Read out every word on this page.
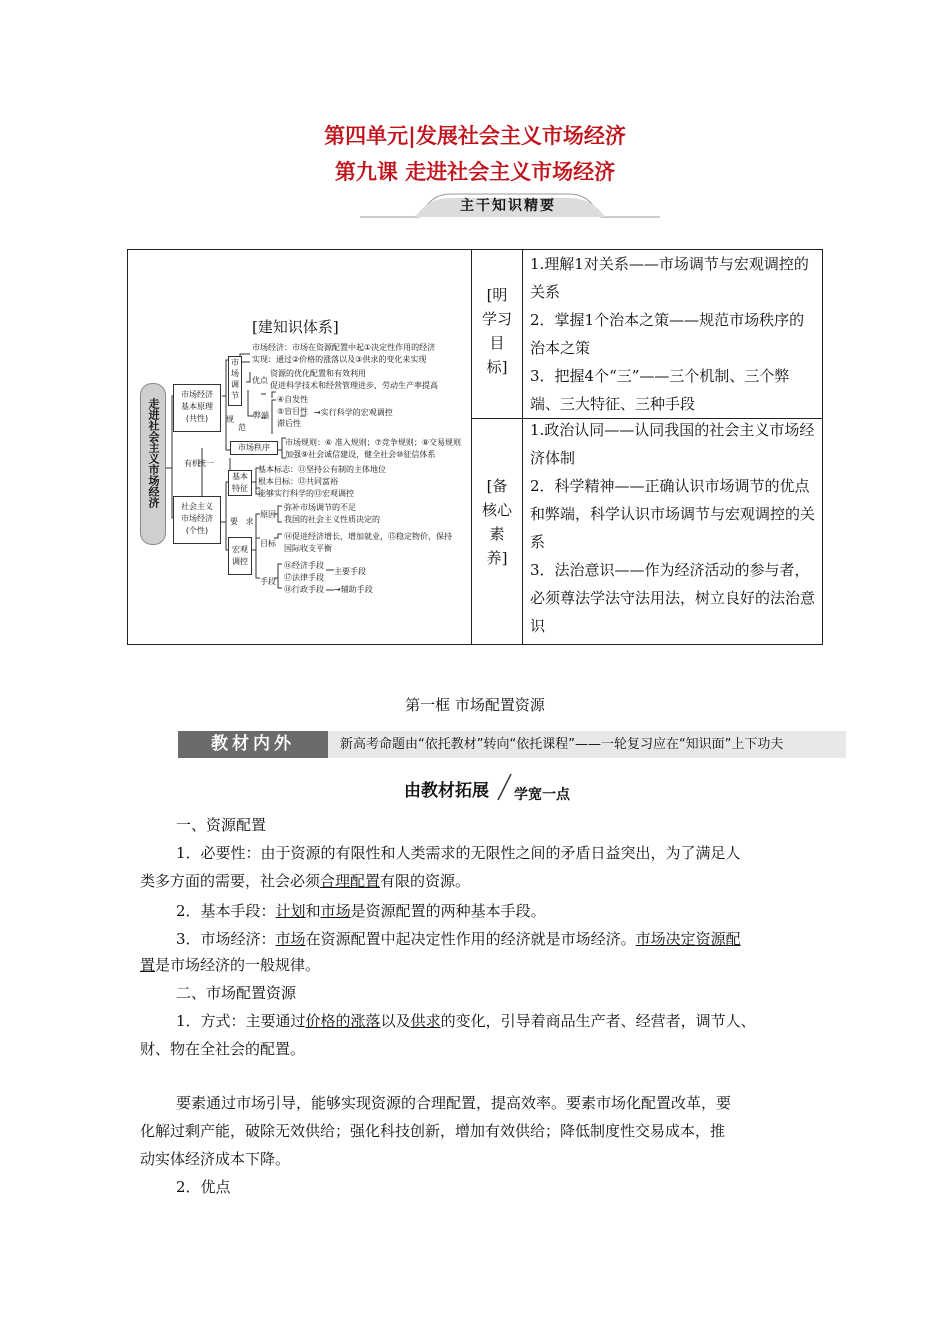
第四单元|发展社会主义市场经济
第九课 走进社会主义市场经济
主干知识精要
[明
学习
目
标]
[备
核心
素
养]
1.理解1对关系——市场调节与宏观调控的关系
2．掌握1个治本之策——规范市场秩序的治本之策
3．把握4个“三”——三个机制、三个弊端、三大特征、三种手段
1.政治认同——认同我国的社会主义市场经济体制
2．科学精神——正确认识市场调节的优点和弊端，科学认识市场调节与宏观调控的关系
3．法治意识——作为经济活动的参与者，必须尊法学法守法用法，树立良好的法治意识
[建知识体系]
走进社会主义市场经济
市场经济
基本原理
(共性)
社会主义
市场经济
(个性)
有机
统一
市
场
调
节
规
范
市场秩序
市场经济：市场在资源配置中起①决定性作用的经济
实现：通过②价格的涨落以及③供求的变化来实现
优点
资源的优化配置和有效利用
促进科学技术和经营管理进步，劳动生产率提高
弊端
④自发性
⑤盲目性
滞后性
→实行科学的宏观调控
市场规则：⑥ 准入规则；⑦竞争规则；⑧交易规则
加强⑨社会诚信建设，健全社会⑩征信体系
基本
特征
基本标志：⑪坚持公有制的主体地位
根本目标：⑫共同富裕
能够实行科学的⑬宏观调控
要 求
宏观
调控
原因
弥补市场调节的不足
我国的社会主义性质决定的
目标
⑭促进经济增长，增加就业，⑮稳定物价，保持
国际收支平衡
手段
⑯经济手段
⑰法律手段
⑱行政手段
主要手段
→辅助手段
第一框 市场配置资源
教材内外	新高考命题由“依托教材”转向“依托课程”——一轮复习应在“知识面”上下功夫
由教材拓展 学宽一点
一、资源配置
1．必要性：由于资源的有限性和人类需求的无限性之间的矛盾日益突出，为了满足人
类多方面的需要，社会必须合理配置有限的资源。
2．基本手段：计划和市场是资源配置的两种基本手段。
3．市场经济：市场在资源配置中起决定性作用的经济就是市场经济。市场决定资源配
置是市场经济的一般规律。
二、市场配置资源
1．方式：主要通过价格的涨落以及供求的变化，引导着商品生产者、经营者，调节人、
财、物在全社会的配置。
要素通过市场引导，能够实现资源的合理配置，提高效率。要素市场化配置改革，要
化解过剩产能，破除无效供给；强化科技创新，增加有效供给；降低制度性交易成本，推
动实体经济成本下降。
2．优点
